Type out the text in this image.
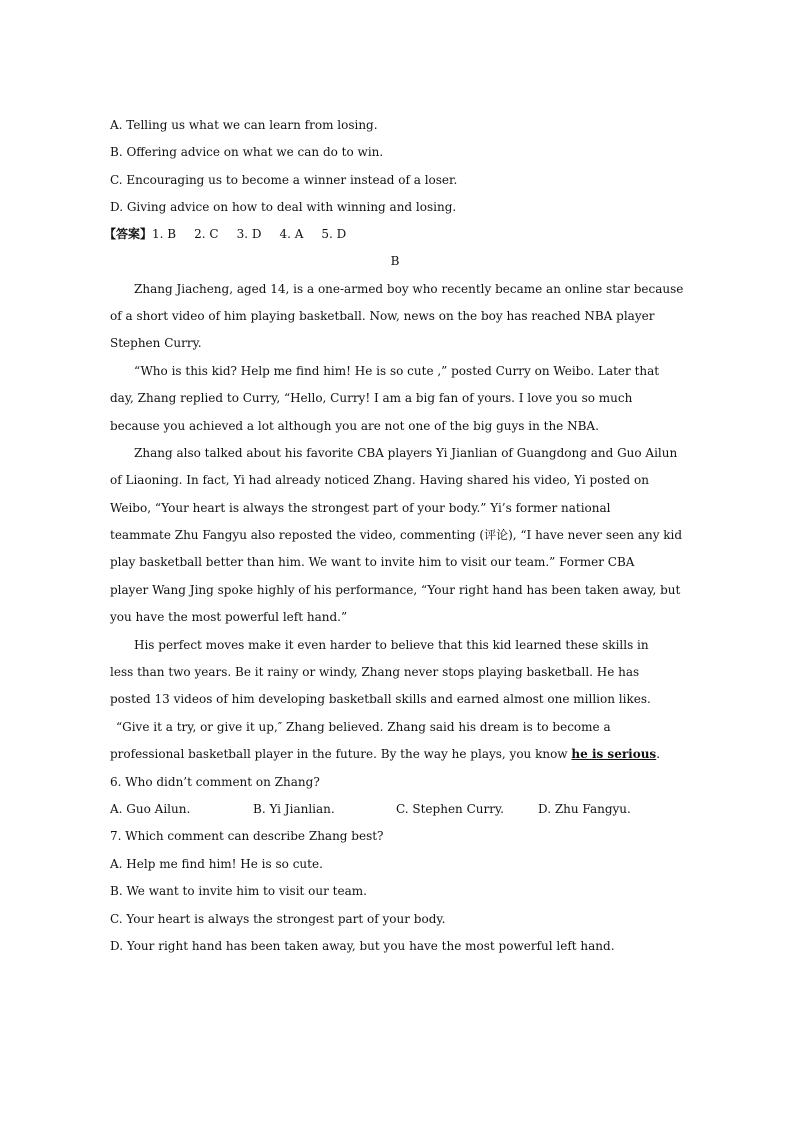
A. Telling us what we can learn from losing.
B. Offering advice on what we can do to win.
C. Encouraging us to become a winner instead of a loser.
D. Giving advice on how to deal with winning and losing.
【答案】1. B 2. C 3. D 4. A 5. D
B
Zhang Jiacheng, aged 14, is a one-armed boy who recently became an online star because
of a short video of him playing basketball. Now, news on the boy has reached NBA player
Stephen Curry.
“Who is this kid? Help me find him! He is so cute ,” posted Curry on Weibo. Later that
day, Zhang replied to Curry, “Hello, Curry! I am a big fan of yours. I love you so much
because you achieved a lot although you are not one of the big guys in the NBA.
Zhang also talked about his favorite CBA players Yi Jianlian of Guangdong and Guo Ailun
of Liaoning. In fact, Yi had already noticed Zhang. Having shared his video, Yi posted on
Weibo, “Your heart is always the strongest part of your body.” Yi’s former national
teammate Zhu Fangyu also reposted the video, commenting (评论), “I have never seen any kid
play basketball better than him. We want to invite him to visit our team.” Former CBA
player Wang Jing spoke highly of his performance, “Your right hand has been taken away, but
you have the most powerful left hand.”
His perfect moves make it even harder to believe that this kid learned these skills in
less than two years. Be it rainy or windy, Zhang never stops playing basketball. He has
posted 13 videos of him developing basketball skills and earned almost one million likes.
“Give it a try, or give it up,″ Zhang believed. Zhang said his dream is to become a
professional basketball player in the future. By the way he plays, you know he is serious.
6. Who didn’t comment on Zhang?
A. Guo Ailun.	B. Yi Jianlian.	C. Stephen Curry.	D. Zhu Fangyu.
7. Which comment can describe Zhang best?
A. Help me find him! He is so cute.
B. We want to invite him to visit our team.
C. Your heart is always the strongest part of your body.
D. Your right hand has been taken away, but you have the most powerful left hand.
